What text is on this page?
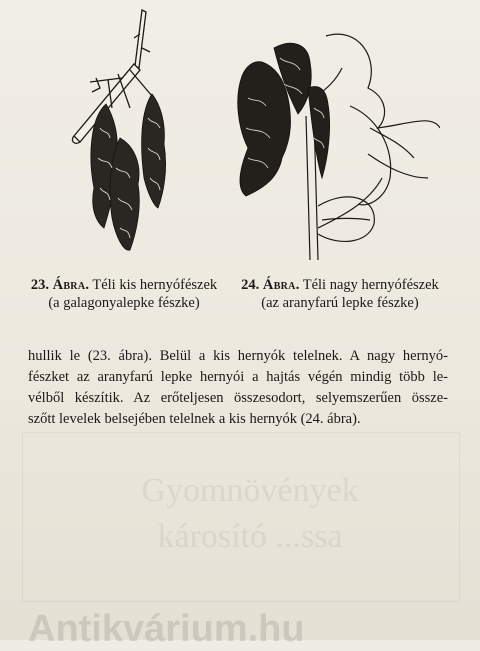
23. Ábra. Téli kis hernyófészek
(a galagonyalepke fészke)
24. Ábra. Téli nagy hernyófészek
(az aranyfarú lepke fészke)
hullik le (23. ábra). Belül a kis hernyók telelnek. A nagy hernyó-
fészket az aranyfarú lepke hernyói a hajtás végén mindig több le-
vélből készítik. Az erőteljesen összesodort, selyemszerűen össze-
szőtt levelek belsejében telelnek a kis hernyók (24. ábra).
Gyomnövények
károsító ...ssa
Antikvárium.hu
